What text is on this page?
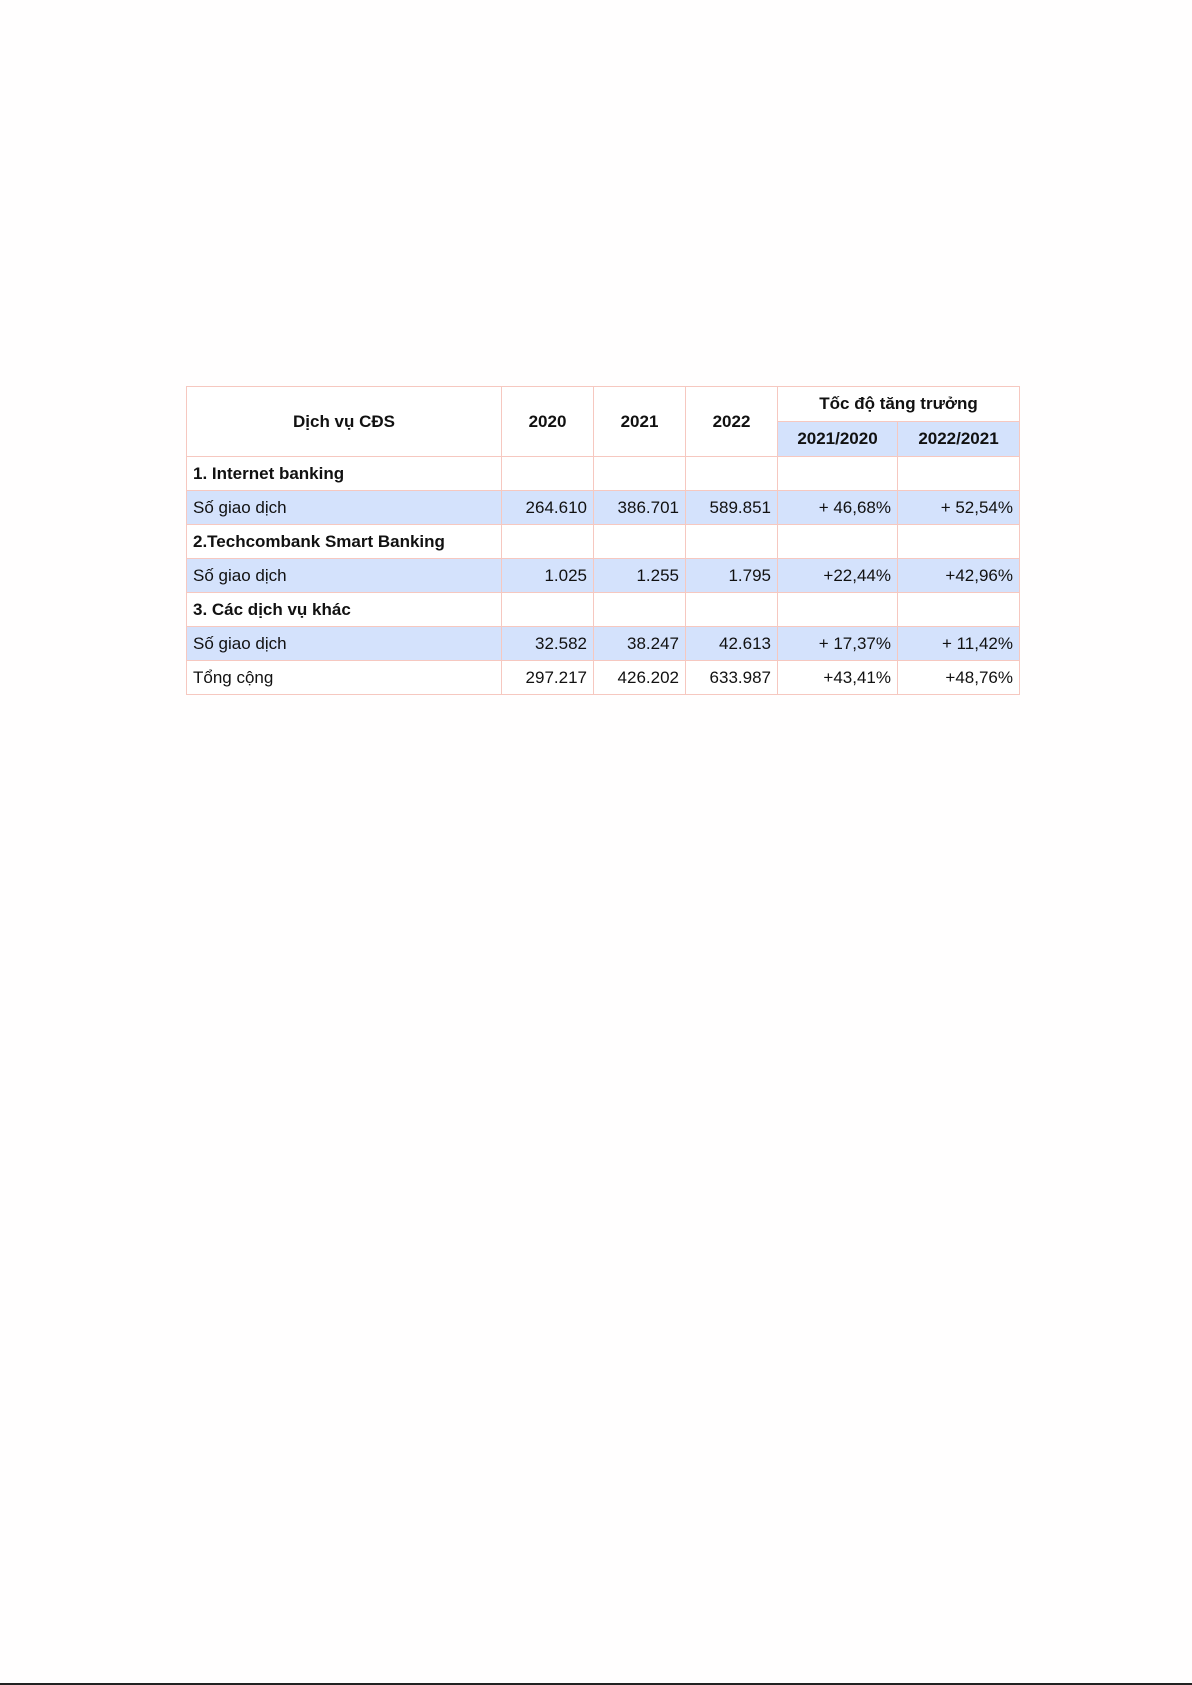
Dịch vụ CĐS	2020	2021	2022	Tốc độ tăng trưởng	
				2021/2020	2022/2021
1. Internet banking					
Số giao dịch	264.610	386.701	589.851	+ 46,68%	+ 52,54%
2.Techcombank Smart Banking					
Số giao dịch	1.025	1.255	1.795	+22,44%	+42,96%
3. Các dịch vụ khác					
Số giao dịch	32.582	38.247	42.613	+ 17,37%	+ 11,42%
Tổng cộng	297.217	426.202	633.987	+43,41%	+48,76%
